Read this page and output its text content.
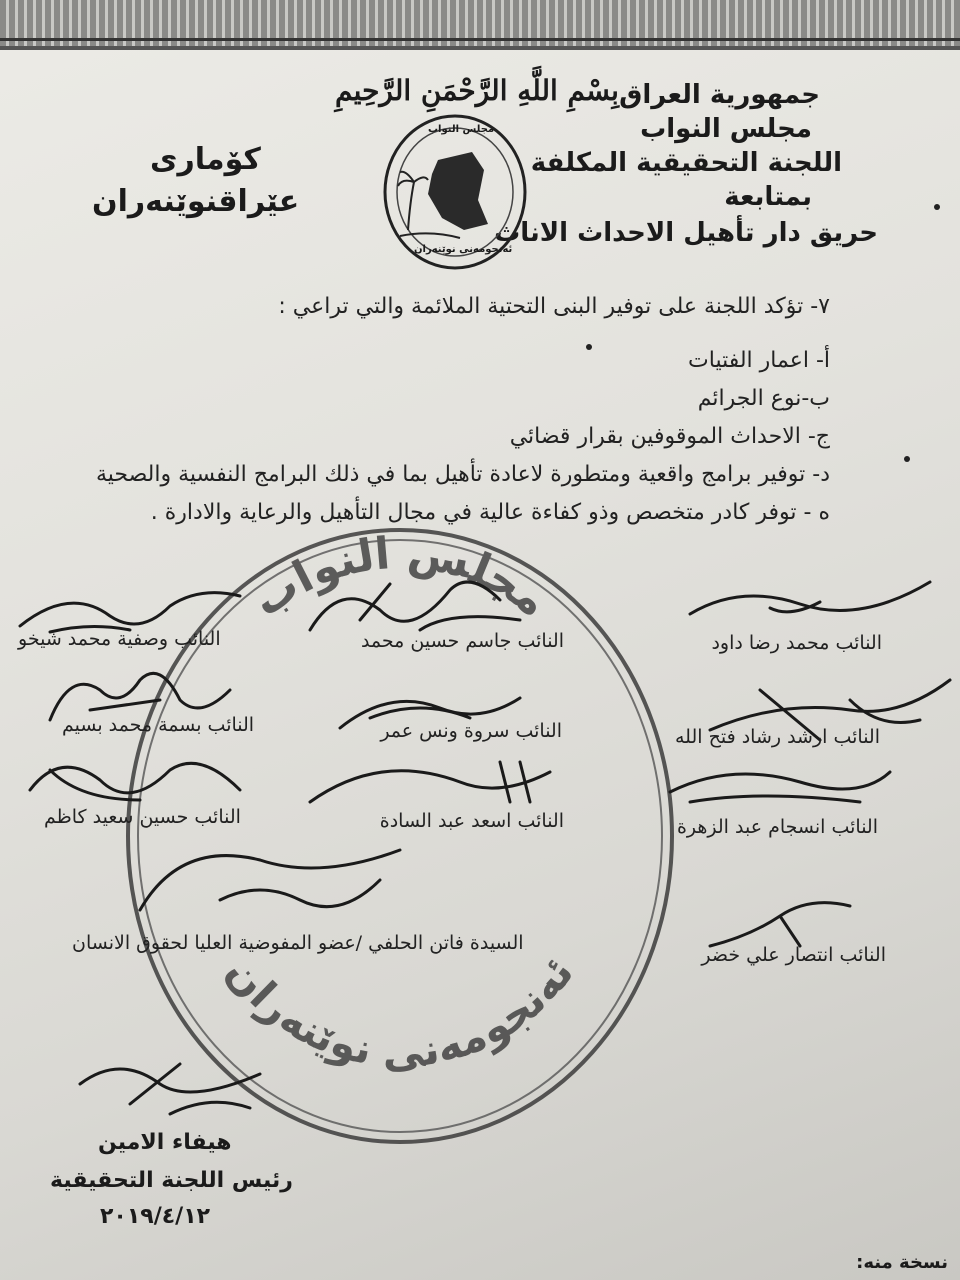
بِسْمِ اللَّهِ الرَّحْمَنِ الرَّحِيمِ جمهورية العراق
مجلس النواب
اللجنة التحقيقية المكلفة
بمتابعة
حريق دار تأهيل الاحداث الاناث
كۆماری
عێراقنوێنەران
مجلس النواب
ئەنجومەنی نوێنەران
٧- تؤكد اللجنة على توفير البنى التحتية الملائمة والتي تراعي :
أ- اعمار الفتيات
ب-نوع الجرائم
ج- الاحداث الموقوفين بقرار قضائي
د- توفير برامج واقعية ومتطورة لاعادة تأهيل بما في ذلك البرامج النفسية والصحية
ه - توفر كادر متخصص وذو كفاءة عالية في مجال التأهيل والرعاية والادارة .
مجلس النواب
ئەنجومەنی نوێنەران
النائب محمد رضا داود
النائب جاسم حسين محمد
النائب وصفية محمد شيخو
النائب ارشد رشاد فتح الله
النائب سروة ونس عمر
النائب بسمة محمد بسيم
النائب انسجام عبد الزهرة
النائب اسعد عبد السادة
النائب حسين سعيد كاظم
النائب انتصار علي خضر
السيدة فاتن الحلفي /عضو المفوضية العليا لحقوق الانسان
هيفاء الامين
رئيس اللجنة التحقيقية
٢٠١٩/٤/١٢
نسخة منه:
